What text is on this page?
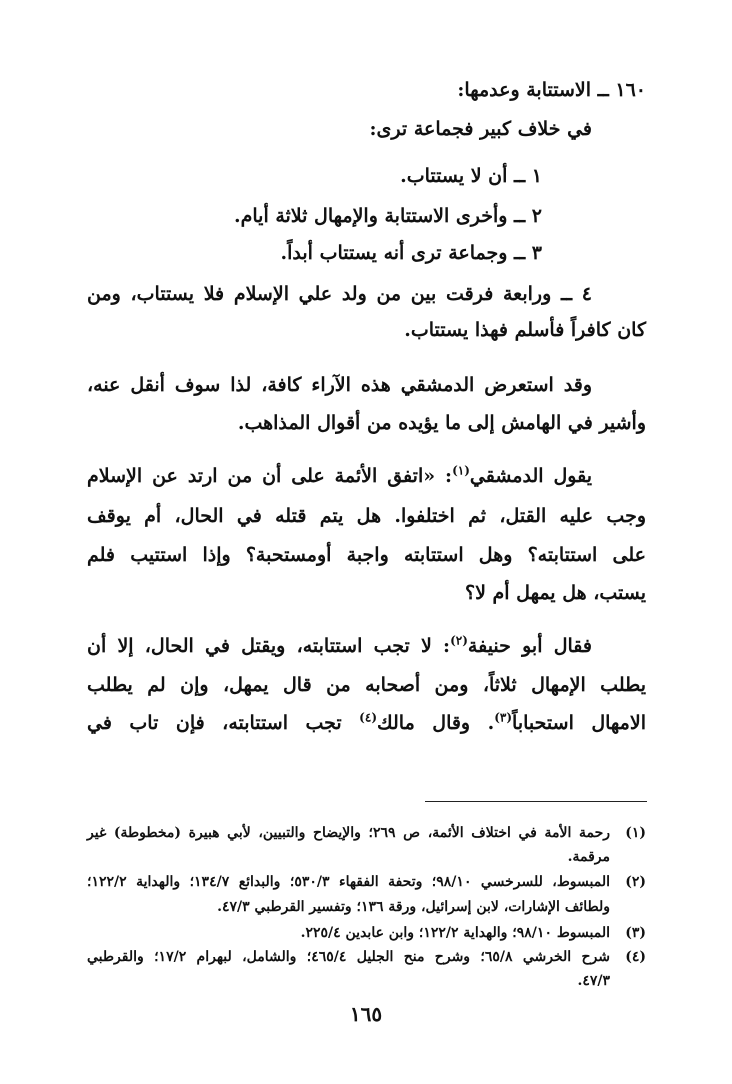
١٦٠ ــ الاستتابة وعدمها:
في خلاف كبير فجماعة ترى:
١ ــ أن لا يستتاب.
٢ ــ وأخرى الاستتابة والإمهال ثلاثة أيام.
٣ ــ وجماعة ترى أنه يستتاب أبداً.
٤ ــ ورابعة فرقت بين من ولد علي الإسلام فلا يستتاب، ومن
كان كافراً فأسلم فهذا يستتاب.
وقد استعرض الدمشقي هذه الآراء كافة، لذا سوف أنقل عنه،
وأشير في الهامش إلى ما يؤيده من أقوال المذاهب.
يقول الدمشقي$^{(١)}$: «اتفق الأئمة على أن من ارتد عن الإسلام
وجب عليه القتل، ثم اختلفوا. هل يتم قتله في الحال، أم يوقف
على استتابته؟ وهل استتابته واجبة أومستحبة؟ وإذا استتيب فلم
يستب، هل يمهل أم لا؟
فقال أبو حنيفة$^{(٢)}$: لا تجب استتابته، ويقتل في الحال، إلا أن
يطلب الإمهال ثلاثاً، ومن أصحابه من قال يمهل، وإن لم يطلب
الامهال استحباباً$^{(٣)}$. وقال مالك$^{(٤)}$ تجب استتابته، فإن تاب في
(١)
رحمة الأمة في اختلاف الأئمة، ص ٢٦٩؛ والإيضاح والتبيين، لأبي هبيرة (مخطوطة) غير
مرقمة.
(٢)
المبسوط، للسرخسي ٩٨/١٠؛ وتحفة الفقهاء ٥٣٠/٣؛ والبدائع ١٣٤/٧؛ والهداية ١٢٢/٢؛
ولطائف الإشارات، لابن إسرائيل، ورقة ١٣٦؛ وتفسير القرطبي ٤٧/٣.
(٣)
المبسوط ٩٨/١٠؛ والهداية ١٢٢/٢؛ وابن عابدين ٢٢٥/٤.
(٤)
شرح الخرشي ٦٥/٨؛ وشرح منح الجليل ٤٦٥/٤؛ والشامل، لبهرام ١٧/٢؛ والقرطبي
٤٧/٣.
١٦٥
